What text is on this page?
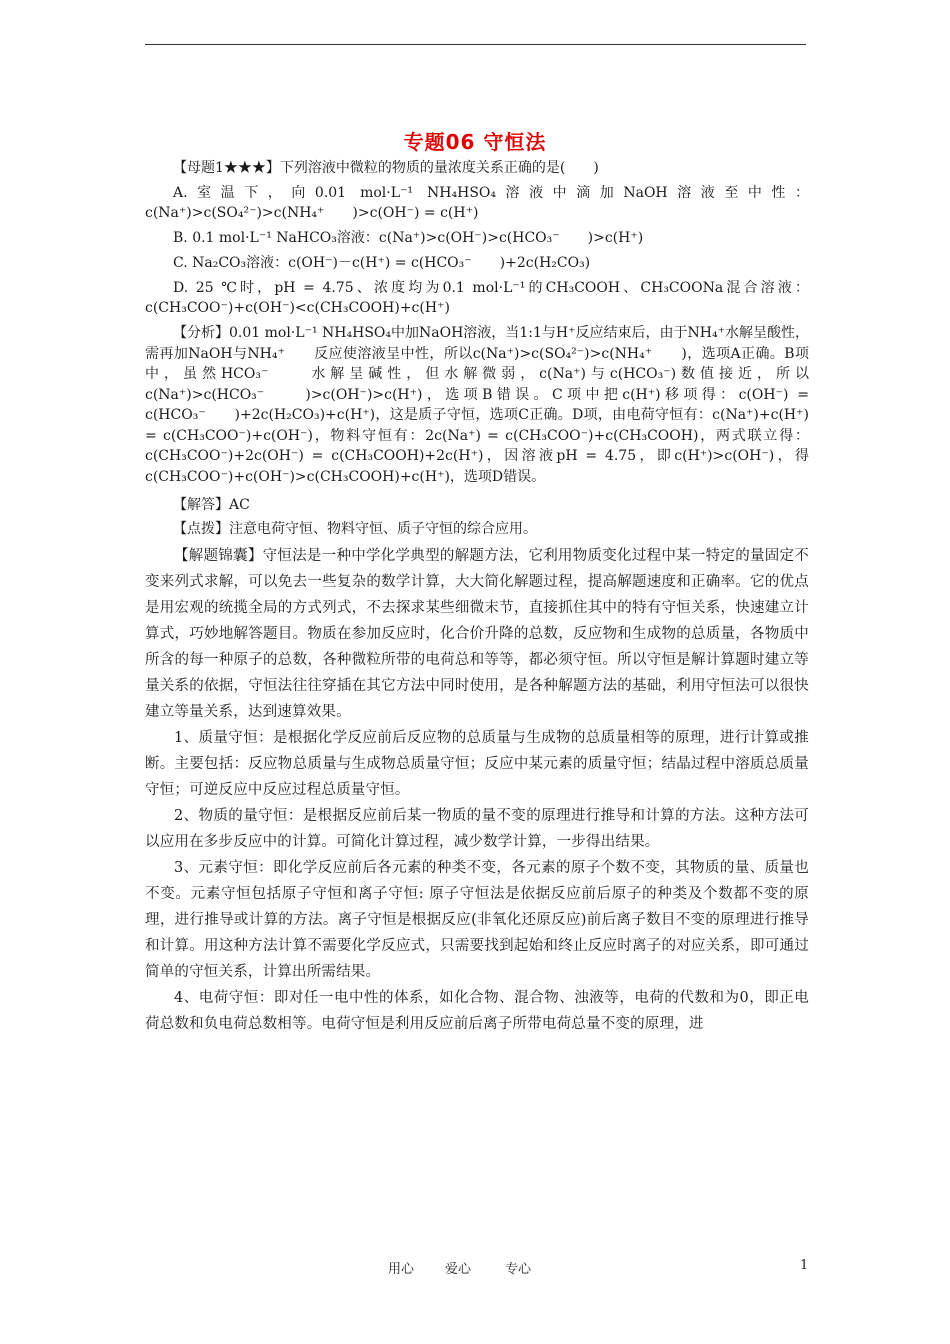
专题06 守恒法

【母题1★★★】下列溶液中微粒的物质的量浓度关系正确的是(　　)

A.室温下，向0.01 mol·L⁻¹ NH₄HSO₄溶液中滴加NaOH溶液至中性：c(Na⁺)>c(SO₄²⁻)>c(NH₄⁺　　)>c(OH⁻) = c(H⁺)

B. 0.1 mol·L⁻¹ NaHCO₃溶液：c(Na⁺)>c(OH⁻)>c(HCO₃⁻　　)>c(H⁺)

C. Na₂CO₃溶液：c(OH⁻)－c(H⁺) = c(HCO₃⁻　　)+2c(H₂CO₃)

D. 25 ℃时，pH = 4.75、浓度均为0.1 mol·L⁻¹的CH₃COOH、CH₃COONa混合溶液：c(CH₃COO⁻)+c(OH⁻)<c(CH₃COOH)+c(H⁺)

【分析】0.01 mol·L⁻¹ NH₄HSO₄中加NaOH溶液，当1:1与H⁺反应结束后，由于NH₄⁺水解呈酸性，需再加NaOH与NH₄⁺　　反应使溶液呈中性，所以c(Na⁺)>c(SO₄²⁻)>c(NH₄⁺　　)，选项A正确。B项中，虽然HCO₃⁻　　水解呈碱性，但水解微弱，c(Na⁺)与c(HCO₃⁻)数值接近，所以c(Na⁺)>c(HCO₃⁻　　)>c(OH⁻)>c(H⁺)，选项B错误。C项中把c(H⁺)移项得：c(OH⁻) = c(HCO₃⁻　　)+2c(H₂CO₃)+c(H⁺)，这是质子守恒，选项C正确。D项，由电荷守恒有：c(Na⁺)+c(H⁺) = c(CH₃COO⁻)+c(OH⁻)，物料守恒有：2c(Na⁺) = c(CH₃COO⁻)+c(CH₃COOH)，两式联立得：c(CH₃COO⁻)+2c(OH⁻) = c(CH₃COOH)+2c(H⁺)，因溶液pH = 4.75，即c(H⁺)>c(OH⁻)，得c(CH₃COO⁻)+c(OH⁻)>c(CH₃COOH)+c(H⁺)，选项D错误。

【解答】AC

【点拨】注意电荷守恒、物料守恒、质子守恒的综合应用。

【解题锦囊】守恒法是一种中学化学典型的解题方法，它利用物质变化过程中某一特定的量固定不变来列式求解，可以免去一些复杂的数学计算，大大简化解题过程，提高解题速度和正确率。它的优点是用宏观的统揽全局的方式列式，不去探求某些细微末节，直接抓住其中的特有守恒关系，快速建立计算式，巧妙地解答题目。物质在参加反应时，化合价升降的总数，反应物和生成物的总质量，各物质中所含的每一种原子的总数，各种微粒所带的电荷总和等等，都必须守恒。所以守恒是解计算题时建立等量关系的依据，守恒法往往穿插在其它方法中同时使用，是各种解题方法的基础，利用守恒法可以很快建立等量关系，达到速算效果。

1、质量守恒：是根据化学反应前后反应物的总质量与生成物的总质量相等的原理，进行计算或推断。主要包括：反应物总质量与生成物总质量守恒；反应中某元素的质量守恒；结晶过程中溶质总质量守恒；可逆反应中反应过程总质量守恒。

2、物质的量守恒：是根据反应前后某一物质的量不变的原理进行推导和计算的方法。这种方法可以应用在多步反应中的计算。可简化计算过程，减少数学计算，一步得出结果。

3、元素守恒：即化学反应前后各元素的种类不变，各元素的原子个数不变，其物质的量、质量也不变。元素守恒包括原子守恒和离子守恒: 原子守恒法是依据反应前后原子的种类及个数都不变的原理，进行推导或计算的方法。离子守恒是根据反应(非氧化还原反应)前后离子数目不变的原理进行推导和计算。用这种方法计算不需要化学反应式，只需要找到起始和终止反应时离子的对应关系，即可通过简单的守恒关系，计算出所需结果。

4、电荷守恒：即对任一电中性的体系，如化合物、混合物、浊液等，电荷的代数和为0，即正电荷总数和负电荷总数相等。电荷守恒是利用反应前后离子所带电荷总量不变的原理，进

用心 爱心	专心	1
